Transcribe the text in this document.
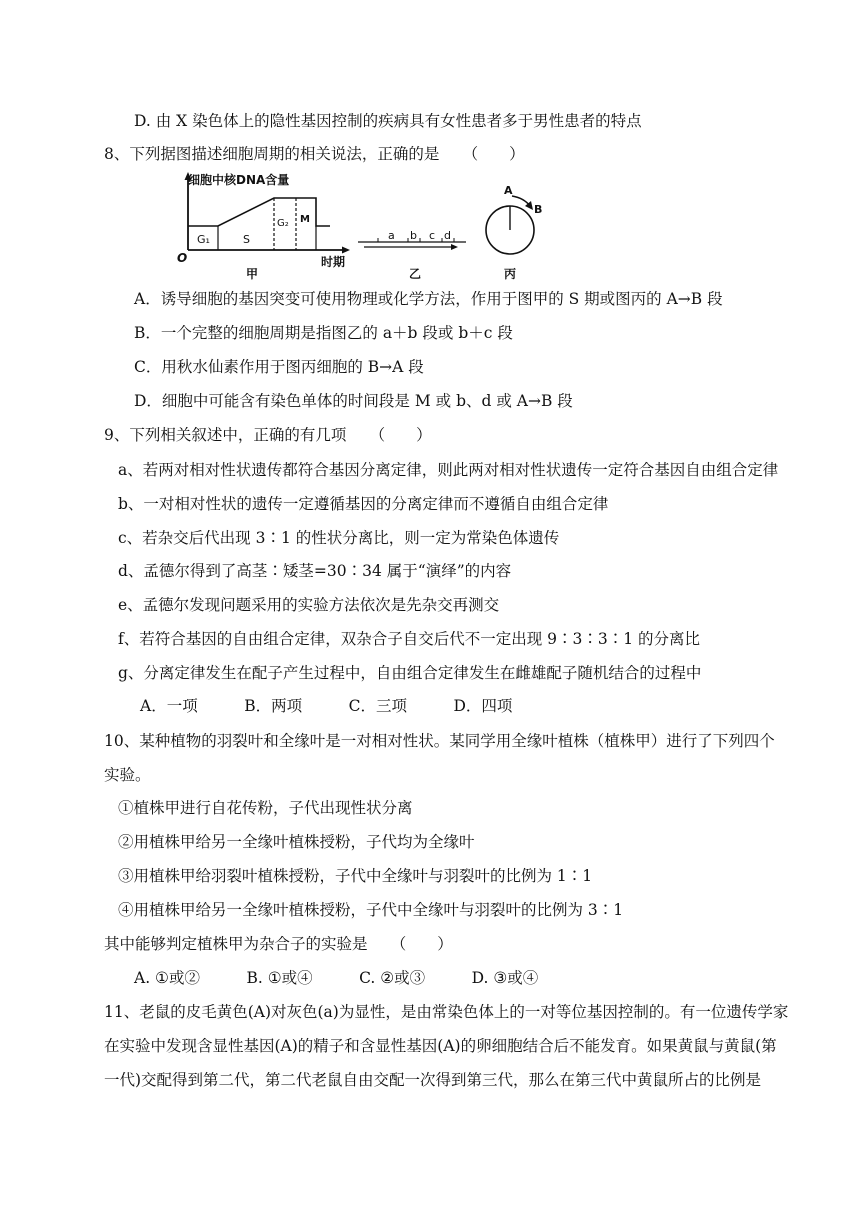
D. 由 X 染色体上的隐性基因控制的疾病具有女性患者多于男性患者的特点
8、下列据图描述细胞周期的相关说法，正确的是　　（　　）
细胞中核DNA含量
O	时期
G₁	S
G₂ M
甲
a b c d
乙
A
B
丙
A．诱导细胞的基因突变可使用物理或化学方法，作用于图甲的 S 期或图丙的 A→B 段
B．一个完整的细胞周期是指图乙的 a＋b 段或 b＋c 段
C．用秋水仙素作用于图丙细胞的 B→A 段
D．细胞中可能含有染色单体的时间段是 M 或 b、d 或 A→B 段
9、下列相关叙述中，正确的有几项　　（　　）
a、若两对相对性状遗传都符合基因分离定律，则此两对相对性状遗传一定符合基因自由组合定律
b、一对相对性状的遗传一定遵循基因的分离定律而不遵循自由组合定律
c、若杂交后代出现 3∶1 的性状分离比，则一定为常染色体遗传
d、孟德尔得到了高茎∶矮茎=30∶34 属于“演绎”的内容
e、孟德尔发现问题采用的实验方法依次是先杂交再测交
f、若符合基因的自由组合定律，双杂合子自交后代不一定出现 9∶3∶3∶1 的分离比
g、分离定律发生在配子产生过程中，自由组合定律发生在雌雄配子随机结合的过程中
A．一项　　　B．两项　　　C．三项　　　D．四项
10、某种植物的羽裂叶和全缘叶是一对相对性状。某同学用全缘叶植株（植株甲）进行了下列四个
实验。
①植株甲进行自花传粉，子代出现性状分离
②用植株甲给另一全缘叶植株授粉，子代均为全缘叶
③用植株甲给羽裂叶植株授粉，子代中全缘叶与羽裂叶的比例为 1∶1
④用植株甲给另一全缘叶植株授粉，子代中全缘叶与羽裂叶的比例为 3∶1
其中能够判定植株甲为杂合子的实验是　　（　　）
A. ①或②　　　B. ①或④　　　C. ②或③　　　D. ③或④
11、老鼠的皮毛黄色(A)对灰色(a)为显性，是由常染色体上的一对等位基因控制的。有一位遗传学家
在实验中发现含显性基因(A)的精子和含显性基因(A)的卵细胞结合后不能发育。如果黄鼠与黄鼠(第
一代)交配得到第二代，第二代老鼠自由交配一次得到第三代，那么在第三代中黄鼠所占的比例是
